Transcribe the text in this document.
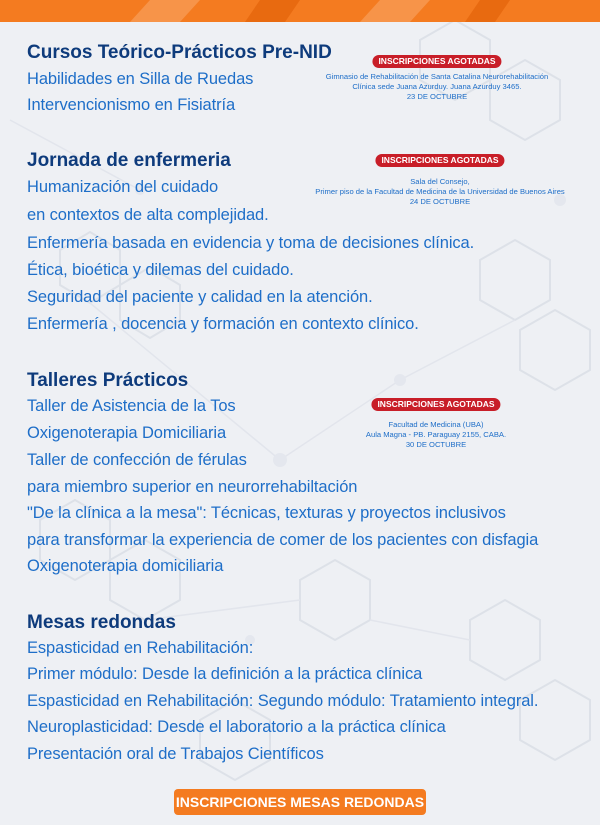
Cursos Teórico-Prácticos Pre-NID
Habilidades en Silla de Ruedas
Intervencionismo en Fisiatría
INSCRIPCIONES AGOTADAS
Gimnasio de Rehabilitación de Santa Catalina Neurorehabilitación
Clínica sede Juana Azurduy. Juana Azurduy 3465.
23 DE OCTUBRE
Jornada de enfermeria
Humanización del cuidado
en contextos de alta complejidad.
Enfermería basada en evidencia y toma de decisiones clínica.
Ética, bioética y dilemas del cuidado.
Seguridad del paciente y calidad en la atención.
Enfermería , docencia y formación en contexto clínico.
INSCRIPCIONES AGOTADAS
Sala del Consejo,
Primer piso de la Facultad de Medicina de la Universidad de Buenos Aires
24 DE OCTUBRE
Talleres Prácticos
Taller de Asistencia de la Tos
Oxigenoterapia Domiciliaria
Taller de confección de férulas
para miembro superior en neurorrehabiltación
"De la clínica a la mesa": Técnicas, texturas y proyectos inclusivos
para transformar la experiencia de comer de los pacientes con disfagia
Oxigenoterapia domiciliaria
INSCRIPCIONES AGOTADAS
Facultad de Medicina (UBA)
Aula Magna - PB. Paraguay 2155, CABA.
30 DE OCTUBRE
Mesas redondas
Espasticidad en Rehabilitación:
Primer módulo: Desde la definición a la práctica clínica
Espasticidad en Rehabilitación: Segundo módulo: Tratamiento integral.
Neuroplasticidad: Desde el laboratorio a la práctica clínica
Presentación oral de Trabajos Científicos
INSCRIPCIONES MESAS REDONDAS
